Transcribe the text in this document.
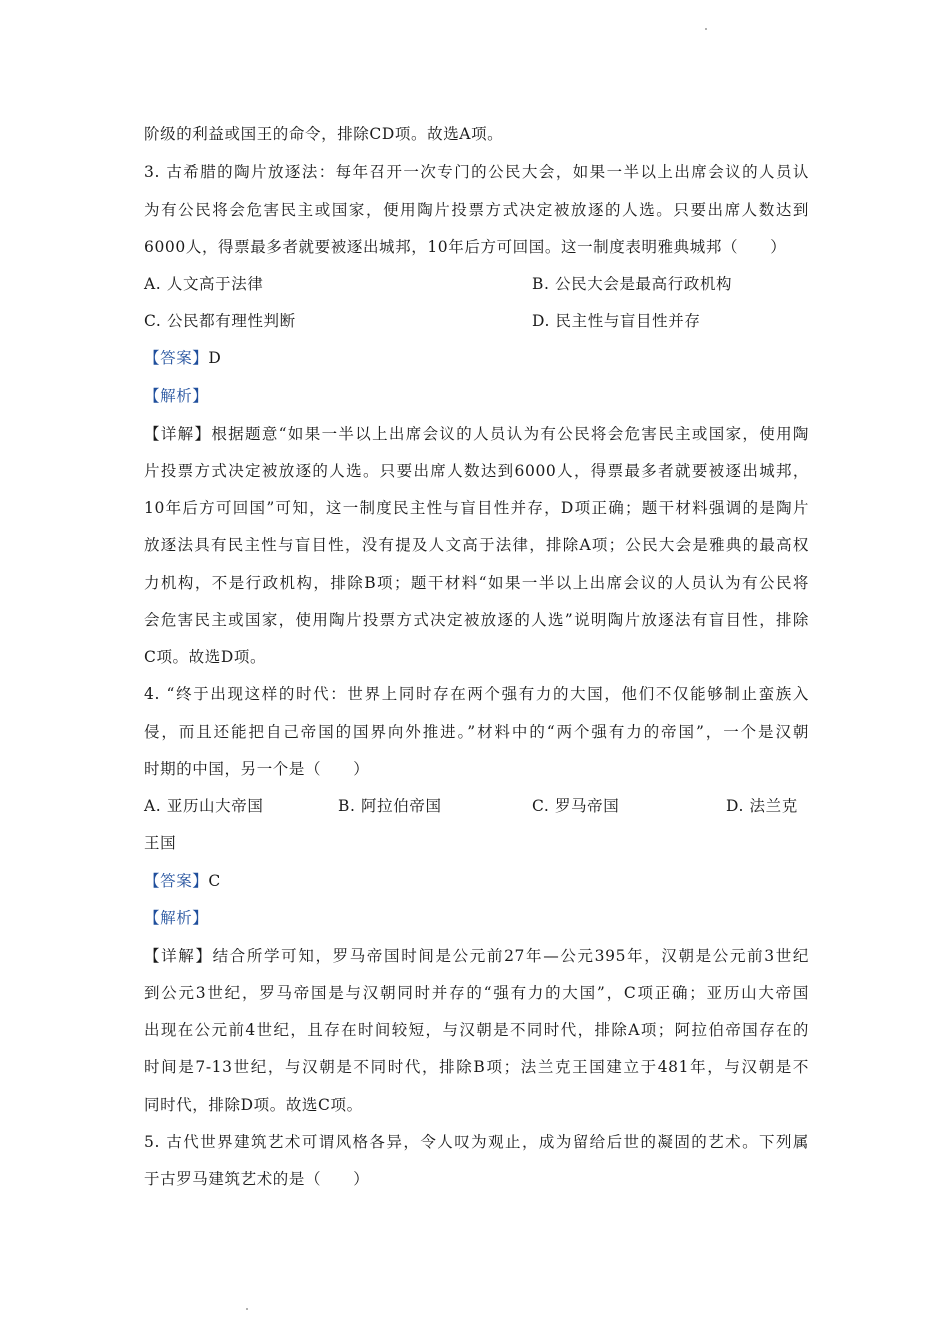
阶级的利益或国王的命令，排除CD项。故选A项。
3. 古希腊的陶片放逐法：每年召开一次专门的公民大会，如果一半以上出席会议的人员认
为有公民将会危害民主或国家，便用陶片投票方式决定被放逐的人选。只要出席人数达到
6000人，得票最多者就要被逐出城邦，10年后方可回国。这一制度表明雅典城邦（　　）
A. 人文高于法律	B. 公民大会是最高行政机构
C. 公民都有理性判断	D. 民主性与盲目性并存
【答案】D
【解析】
【详解】根据题意“如果一半以上出席会议的人员认为有公民将会危害民主或国家，使用陶
片投票方式决定被放逐的人选。只要出席人数达到6000人，得票最多者就要被逐出城邦，
10年后方可回国”可知，这一制度民主性与盲目性并存，D项正确；题干材料强调的是陶片
放逐法具有民主性与盲目性，没有提及人文高于法律，排除A项；公民大会是雅典的最高权
力机构，不是行政机构，排除B项；题干材料“如果一半以上出席会议的人员认为有公民将
会危害民主或国家，使用陶片投票方式决定被放逐的人选”说明陶片放逐法有盲目性，排除
C项。故选D项。
4. “终于出现这样的时代：世界上同时存在两个强有力的大国，他们不仅能够制止蛮族入
侵，而且还能把自己帝国的国界向外推进。”材料中的“两个强有力的帝国”，一个是汉朝
时期的中国，另一个是（　　）
A. 亚历山大帝国	B. 阿拉伯帝国	C. 罗马帝国	D. 法兰克
王国
【答案】C
【解析】
【详解】结合所学可知，罗马帝国时间是公元前27年—公元395年，汉朝是公元前3世纪
到公元3世纪，罗马帝国是与汉朝同时并存的“强有力的大国”，C项正确；亚历山大帝国
出现在公元前4世纪，且存在时间较短，与汉朝是不同时代，排除A项；阿拉伯帝国存在的
时间是7-13世纪，与汉朝是不同时代，排除B项；法兰克王国建立于481年，与汉朝是不
同时代，排除D项。故选C项。
5. 古代世界建筑艺术可谓风格各异，令人叹为观止，成为留给后世的凝固的艺术。下列属
于古罗马建筑艺术的是（　　）
